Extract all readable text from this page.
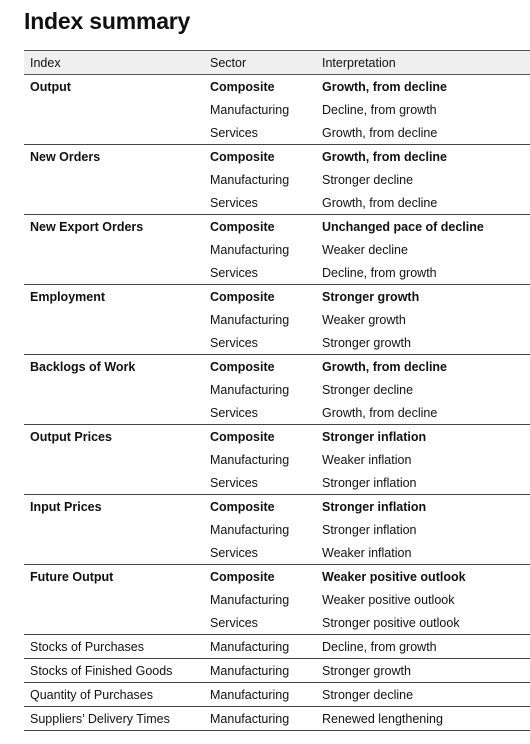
Index summary
Index	Sector	Interpretation
Output	Composite	Growth, from decline
	Manufacturing	Decline, from growth
	Services	Growth, from decline
New Orders	Composite	Growth, from decline
	Manufacturing	Stronger decline
	Services	Growth, from decline
New Export Orders	Composite	Unchanged pace of decline
	Manufacturing	Weaker decline
	Services	Decline, from growth
Employment	Composite	Stronger growth
	Manufacturing	Weaker growth
	Services	Stronger growth
Backlogs of Work	Composite	Growth, from decline
	Manufacturing	Stronger decline
	Services	Growth, from decline
Output Prices	Composite	Stronger inflation
	Manufacturing	Weaker inflation
	Services	Stronger inflation
Input Prices	Composite	Stronger inflation
	Manufacturing	Stronger inflation
	Services	Weaker inflation
Future Output	Composite	Weaker positive outlook
	Manufacturing	Weaker positive outlook
	Services	Stronger positive outlook
Stocks of Purchases	Manufacturing	Decline, from growth
Stocks of Finished Goods	Manufacturing	Stronger growth
Quantity of Purchases	Manufacturing	Stronger decline
Suppliers’ Delivery Times	Manufacturing	Renewed lengthening
